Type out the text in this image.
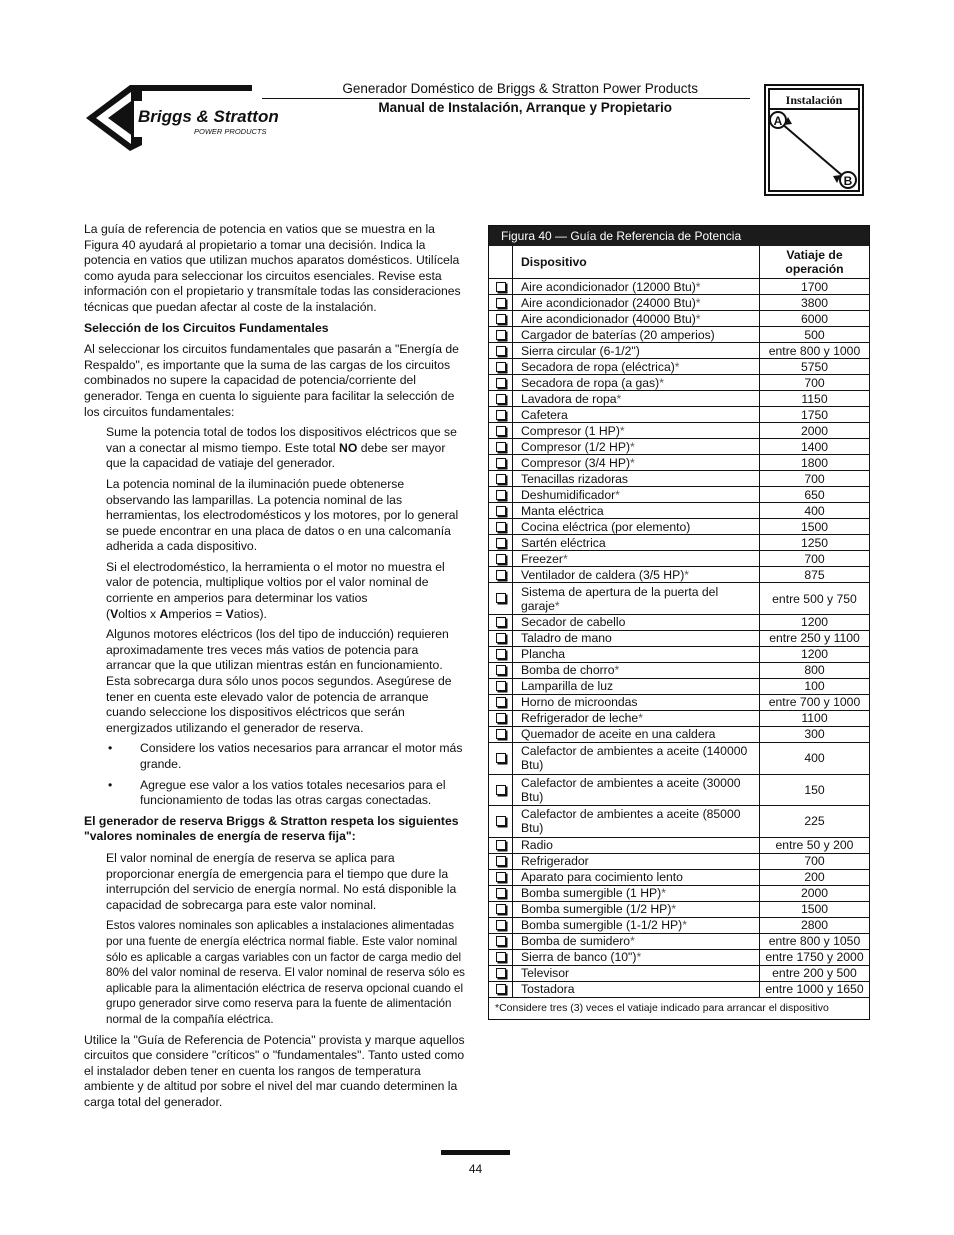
Briggs & Stratton
POWER PRODUCTS
Generador Doméstico de Briggs & Stratton Power Products
Manual de Instalación, Arranque y Propietario	Instalación
A
B

La guía de referencia de potencia en vatios que se muestra en la Figura 40 ayudará al propietario a tomar una decisión. Indica la potencia en vatios que utilizan muchos aparatos domésticos. Utilícela como ayuda para seleccionar los circuitos esenciales. Revise esta información con el propietario y transmítale todas las consideraciones técnicas que puedan afectar al coste de la instalación.

Selección de los Circuitos Fundamentales

Al seleccionar los circuitos fundamentales que pasarán a "Energía de Respaldo", es importante que la suma de las cargas de los circuitos combinados no supere la capacidad de potencia/corriente del generador. Tenga en cuenta lo siguiente para facilitar la selección de los circuitos fundamentales:

Sume la potencia total de todos los dispositivos eléctricos que se van a conectar al mismo tiempo. Este total NO debe ser mayor que la capacidad de vatiaje del generador.

La potencia nominal de la iluminación puede obtenerse observando las lamparillas. La potencia nominal de las herramientas, los electrodomésticos y los motores, por lo general se puede encontrar en una placa de datos o en una calcomanía adherida a cada dispositivo.

Si el electrodoméstico, la herramienta o el motor no muestra el valor de potencia, multiplique voltios por el valor nominal de corriente en amperios para determinar los vatios
(Voltios x Amperios = Vatios).

Algunos motores eléctricos (los del tipo de inducción) requieren aproximadamente tres veces más vatios de potencia para arrancar que la que utilizan mientras están en funcionamiento. Esta sobrecarga dura sólo unos pocos segundos. Asegúrese de tener en cuenta este elevado valor de potencia de arranque cuando seleccione los dispositivos eléctricos que serán energizados utilizando el generador de reserva.

• Considere los vatios necesarios para arrancar el motor más grande.

• Agregue ese valor a los vatios totales necesarios para el funcionamiento de todas las otras cargas conectadas.

El generador de reserva Briggs & Stratton respeta los siguientes "valores nominales de energía de reserva fija":

El valor nominal de energía de reserva se aplica para proporcionar energía de emergencia para el tiempo que dure la interrupción del servicio de energía normal. No está disponible la capacidad de sobrecarga para este valor nominal.

Estos valores nominales son aplicables a instalaciones alimentadas por una fuente de energía eléctrica normal fiable. Este valor nominal sólo es aplicable a cargas variables con un factor de carga medio del 80% del valor nominal de reserva. El valor nominal de reserva sólo es aplicable para la alimentación eléctrica de reserva opcional cuando el grupo generador sirve como reserva para la fuente de alimentación normal de la compañía eléctrica.

Utilice la "Guía de Referencia de Potencia" provista y marque aquellos circuitos que considere "críticos" o "fundamentales". Tanto usted como el instalador deben tener en cuenta los rangos de temperatura ambiente y de altitud por sobre el nivel del mar cuando determinen la carga total del generador.

Figura 40 — Guía de Referencia de Potencia
	Dispositivo	Vatiaje de operación
	Aire acondicionador (12000 Btu)*	1700
	Aire acondicionador (24000 Btu)*	3800
	Aire acondicionador (40000 Btu)*	6000
	Cargador de baterías (20 amperios)	500
	Sierra circular (6-1/2")	entre 800 y 1000
	Secadora de ropa (eléctrica)*	5750
	Secadora de ropa (a gas)*	700
	Lavadora de ropa*	1150
	Cafetera	1750
	Compresor (1 HP)*	2000
	Compresor (1/2 HP)*	1400
	Compresor (3/4 HP)*	1800
	Tenacillas rizadoras	700
	Deshumidificador*	650
	Manta eléctrica	400
	Cocina eléctrica (por elemento)	1500
	Sartén eléctrica	1250
	Freezer*	700
	Ventilador de caldera (3/5 HP)*	875
	Sistema de apertura de la puerta del garaje*	entre 500 y 750
	Secador de cabello	1200
	Taladro de mano	entre 250 y 1100
	Plancha	1200
	Bomba de chorro*	800
	Lamparilla de luz	100
	Horno de microondas	entre 700 y 1000
	Refrigerador de leche*	1100
	Quemador de aceite en una caldera	300
	Calefactor de ambientes a aceite (140000 Btu)	400
	Calefactor de ambientes a aceite (30000 Btu)	150
	Calefactor de ambientes a aceite (85000 Btu)	225
	Radio	entre 50 y 200
	Refrigerador	700
	Aparato para cocimiento lento	200
	Bomba sumergible (1 HP)*	2000
	Bomba sumergible (1/2 HP)*	1500
	Bomba sumergible (1-1/2 HP)*	2800
	Bomba de sumidero*	entre 800 y 1050
	Sierra de banco (10")*	entre 1750 y 2000
	Televisor	entre 200 y 500
	Tostadora	entre 1000 y 1650
*Considere tres (3) veces el vatiaje indicado para arrancar el dispositivo
44
